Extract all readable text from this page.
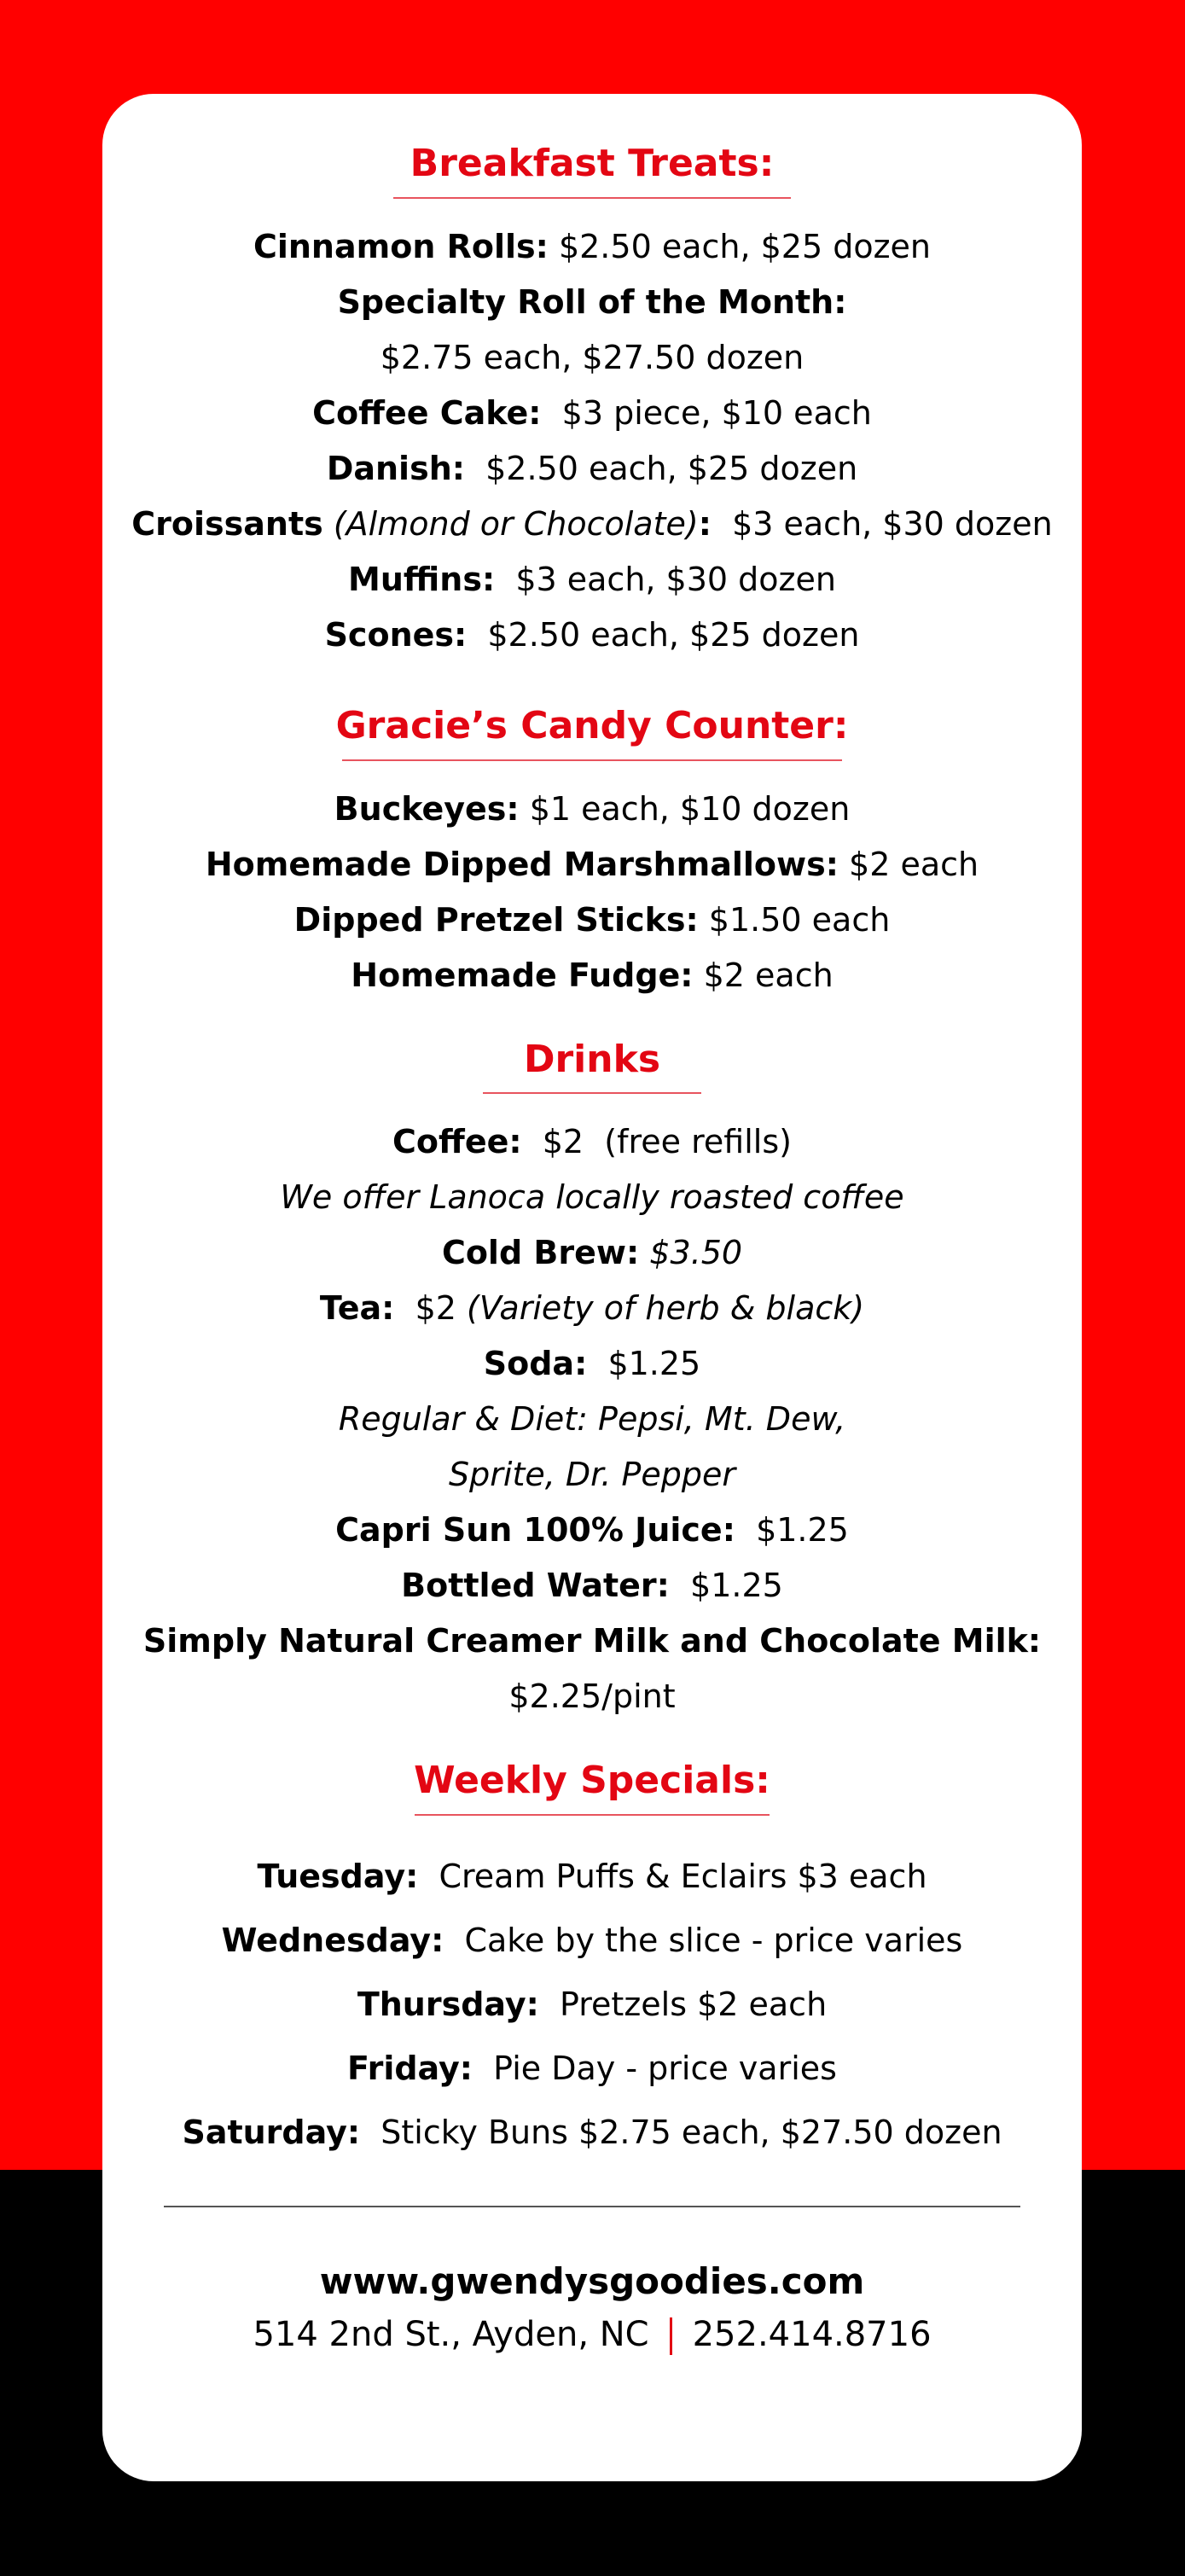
Breakfast Treats:
Cinnamon Rolls: $2.50 each, $25 dozen
Specialty Roll of the Month:
$2.75 each, $27.50 dozen
Coffee Cake: $3 piece, $10 each
Danish: $2.50 each, $25 dozen
Croissants (Almond or Chocolate): $3 each, $30 dozen
Muffins: $3 each, $30 dozen
Scones: $2.50 each, $25 dozen
Gracie’s Candy Counter:
Buckeyes: $1 each, $10 dozen
Homemade Dipped Marshmallows: $2 each
Dipped Pretzel Sticks: $1.50 each
Homemade Fudge: $2 each
Drinks
Coffee: $2 (free refills)
We offer Lanoca locally roasted coffee
Cold Brew: $3.50
Tea: $2 (Variety of herb & black)
Soda: $1.25
Regular & Diet: Pepsi, Mt. Dew,
Sprite, Dr. Pepper
Capri Sun 100% Juice: $1.25
Bottled Water: $1.25
Simply Natural Creamer Milk and Chocolate Milk:
$2.25/pint
Weekly Specials:
Tuesday: Cream Puffs & Eclairs $3 each
Wednesday: Cake by the slice - price varies
Thursday: Pretzels $2 each
Friday: Pie Day - price varies
Saturday: Sticky Buns $2.75 each, $27.50 dozen
www.gwendysgoodies.com
514 2nd St., Ayden, NC 252.414.8716
